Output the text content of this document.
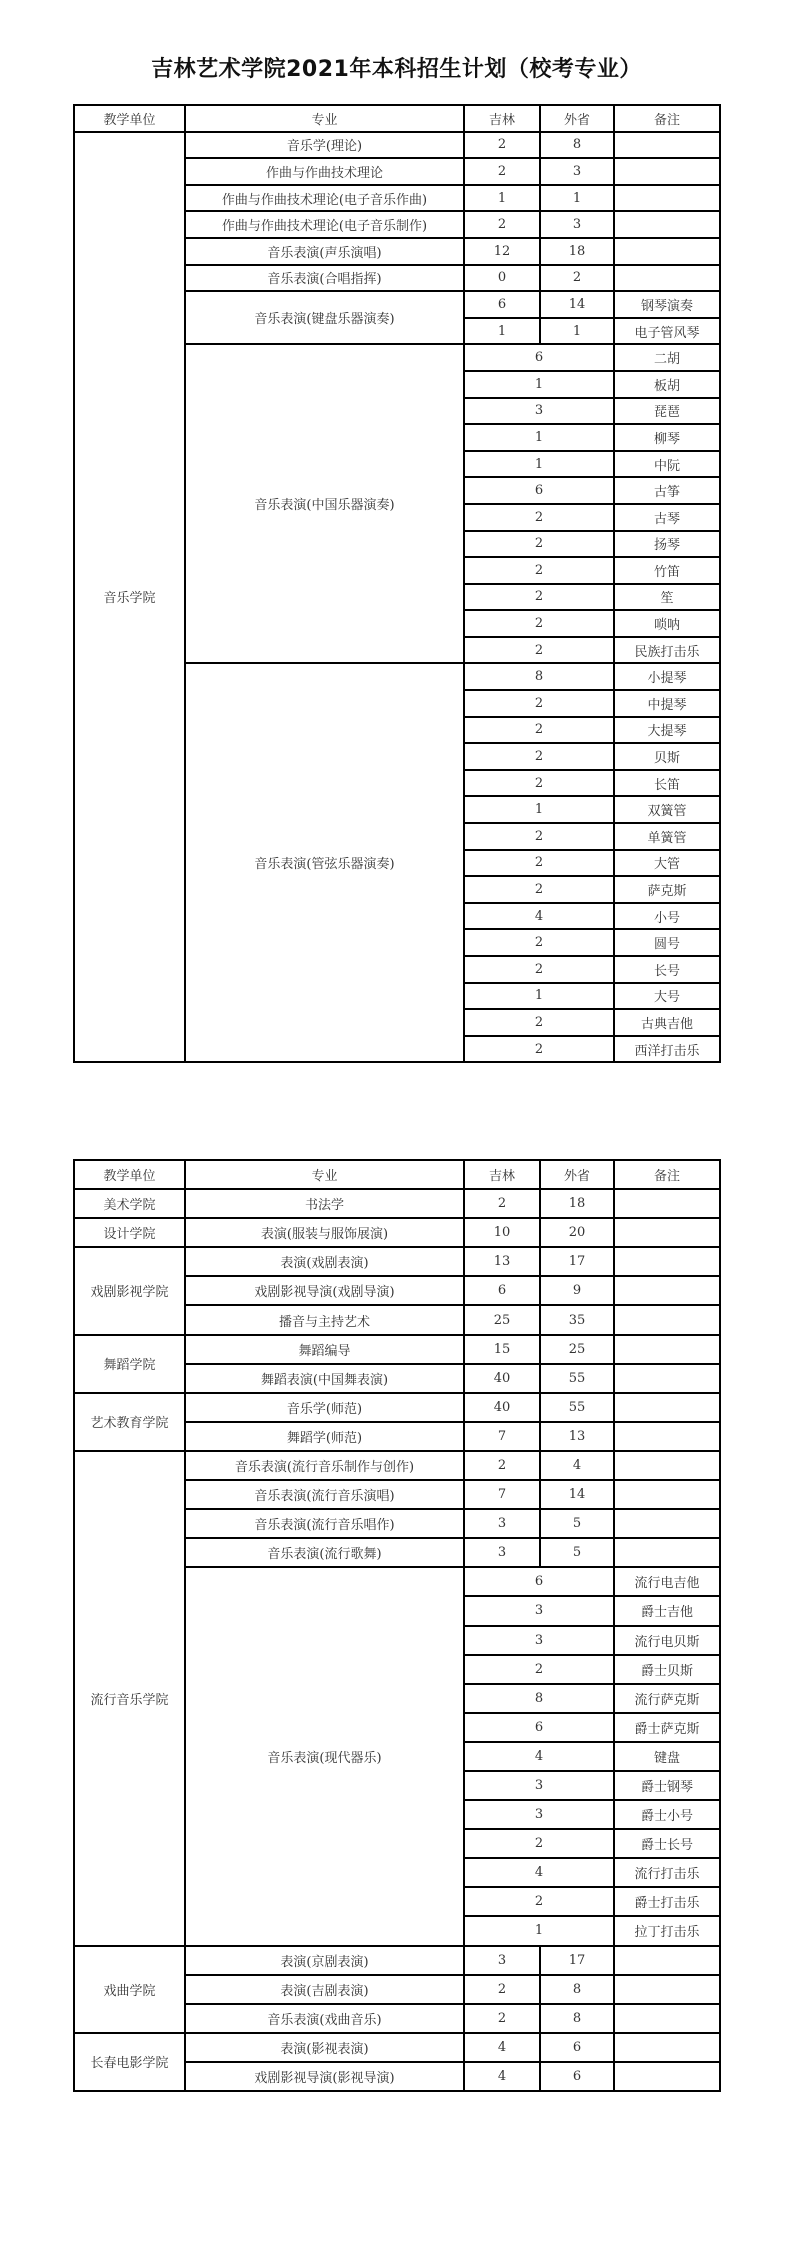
吉林艺术学院2021年本科招生计划（校考专业）
教学单位	专业	吉林	外省	备注
音乐学院	音乐学(理论)	2	8	
	作曲与作曲技术理论	2	3	
	作曲与作曲技术理论(电子音乐作曲)	1	1	
	作曲与作曲技术理论(电子音乐制作)	2	3	
	音乐表演(声乐演唱)	12	18	
	音乐表演(合唱指挥)	0	2	
	音乐表演(键盘乐器演奏)	6	14	钢琴演奏
		1	1	电子管风琴
	音乐表演(中国乐器演奏)	6		二胡
		1		板胡
		3		琵琶
		1		柳琴
		1		中阮
		6		古筝
		2		古琴
		2		扬琴
		2		竹笛
		2		笙
		2		唢呐
		2		民族打击乐
	音乐表演(管弦乐器演奏)	8		小提琴
		2		中提琴
		2		大提琴
		2		贝斯
		2		长笛
		1		双簧管
		2		单簧管
		2		大管
		2		萨克斯
		4		小号
		2		圆号
		2		长号
		1		大号
		2		古典吉他
		2		西洋打击乐
教学单位	专业	吉林	外省	备注
美术学院	书法学	2	18	
设计学院	表演(服装与服饰展演)	10	20	
戏剧影视学院	表演(戏剧表演)	13	17	
	戏剧影视导演(戏剧导演)	6	9	
	播音与主持艺术	25	35	
舞蹈学院	舞蹈编导	15	25	
	舞蹈表演(中国舞表演)	40	55	
艺术教育学院	音乐学(师范)	40	55	
	舞蹈学(师范)	7	13	
流行音乐学院	音乐表演(流行音乐制作与创作)	2	4	
	音乐表演(流行音乐演唱)	7	14	
	音乐表演(流行音乐唱作)	3	5	
	音乐表演(流行歌舞)	3	5	
	音乐表演(现代器乐)	6		流行电吉他
		3		爵士吉他
		3		流行电贝斯
		2		爵士贝斯
		8		流行萨克斯
		6		爵士萨克斯
		4		键盘
		3		爵士钢琴
		3		爵士小号
		2		爵士长号
		4		流行打击乐
		2		爵士打击乐
		1		拉丁打击乐
戏曲学院	表演(京剧表演)	3	17	
	表演(吉剧表演)	2	8	
	音乐表演(戏曲音乐)	2	8	
长春电影学院	表演(影视表演)	4	6	
	戏剧影视导演(影视导演)	4	6	
